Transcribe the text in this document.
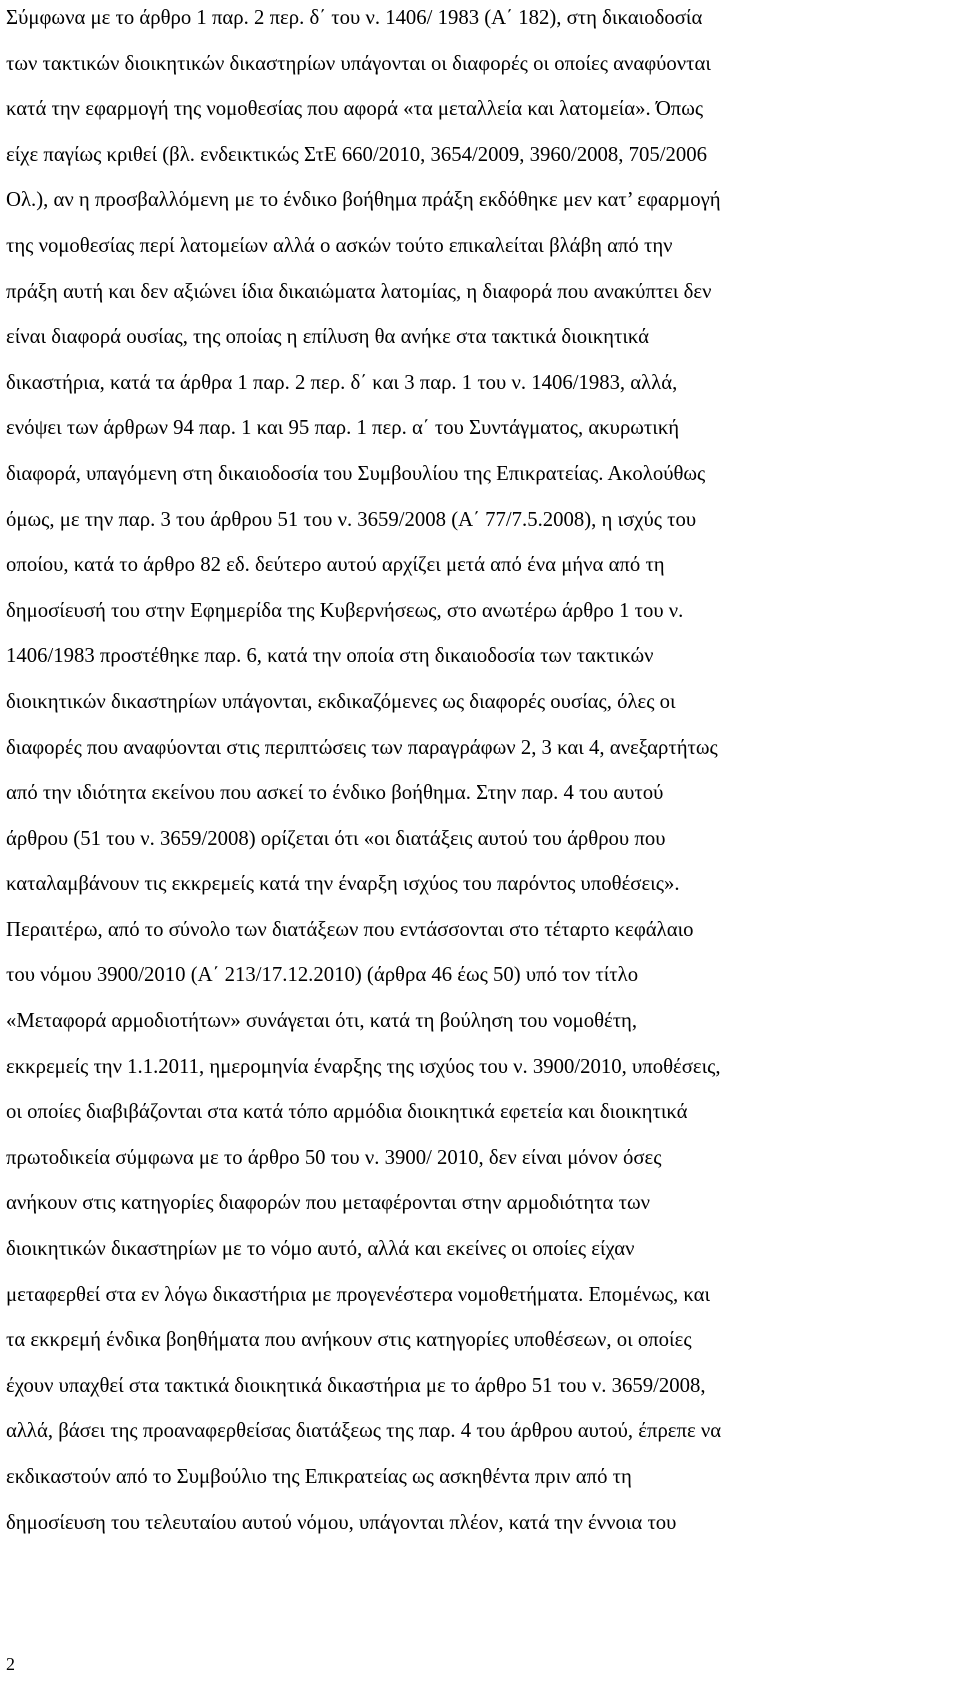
Σύμφωνα με το άρθρο 1 παρ. 2 περ. δ΄ του ν. 1406/ 1983 (Α΄ 182), στη δικαιοδοσία
των τακτικών διοικητικών δικαστηρίων υπάγονται οι διαφορές οι οποίες αναφύονται
κατά την εφαρμογή της νομοθεσίας που αφορά «τα μεταλλεία και λατομεία». Όπως
είχε παγίως κριθεί (βλ. ενδεικτικώς ΣτΕ 660/2010, 3654/2009, 3960/2008, 705/2006
Ολ.), αν η προσβαλλόμενη με το ένδικο βοήθημα πράξη εκδόθηκε μεν κατ’ εφαρμογή
της νομοθεσίας περί λατομείων αλλά ο ασκών τούτο επικαλείται βλάβη από την
πράξη αυτή και δεν αξιώνει ίδια δικαιώματα λατομίας, η διαφορά που ανακύπτει δεν
είναι διαφορά ουσίας, της οποίας η επίλυση θα ανήκε στα τακτικά διοικητικά
δικαστήρια, κατά τα άρθρα 1 παρ. 2 περ. δ΄ και 3 παρ. 1 του ν. 1406/1983, αλλά,
ενόψει των άρθρων 94 παρ. 1 και 95 παρ. 1 περ. α΄ του Συντάγματος, ακυρωτική
διαφορά, υπαγόμενη στη δικαιοδοσία του Συμβουλίου της Επικρατείας. Ακολούθως
όμως, με την παρ. 3 του άρθρου 51 του ν. 3659/2008 (Α΄ 77/7.5.2008), η ισχύς του
οποίου, κατά το άρθρο 82 εδ. δεύτερο αυτού αρχίζει μετά από ένα μήνα από τη
δημοσίευσή του στην Εφημερίδα της Κυβερνήσεως, στο ανωτέρω άρθρο 1 του ν.
1406/1983 προστέθηκε παρ. 6, κατά την οποία στη δικαιοδοσία των τακτικών
διοικητικών δικαστηρίων υπάγονται, εκδικαζόμενες ως διαφορές ουσίας, όλες οι
διαφορές που αναφύονται στις περιπτώσεις των παραγράφων 2, 3 και 4, ανεξαρτήτως
από την ιδιότητα εκείνου που ασκεί το ένδικο βοήθημα. Στην παρ. 4 του αυτού
άρθρου (51 του ν. 3659/2008) ορίζεται ότι «οι διατάξεις αυτού του άρθρου που
καταλαμβάνουν τις εκκρεμείς κατά την έναρξη ισχύος του παρόντος υποθέσεις».
Περαιτέρω, από το σύνολο των διατάξεων που εντάσσονται στο τέταρτο κεφάλαιο
του νόμου 3900/2010 (Α΄ 213/17.12.2010) (άρθρα 46 έως 50) υπό τον τίτλο
«Μεταφορά αρμοδιοτήτων» συνάγεται ότι, κατά τη βούληση του νομοθέτη,
εκκρεμείς την 1.1.2011, ημερομηνία έναρξης της ισχύος του ν. 3900/2010, υποθέσεις,
οι οποίες διαβιβάζονται στα κατά τόπο αρμόδια διοικητικά εφετεία και διοικητικά
πρωτοδικεία σύμφωνα με το άρθρο 50 του ν. 3900/ 2010, δεν είναι μόνον όσες
ανήκουν στις κατηγορίες διαφορών που μεταφέρονται στην αρμοδιότητα των
διοικητικών δικαστηρίων με το νόμο αυτό, αλλά και εκείνες οι οποίες είχαν
μεταφερθεί στα εν λόγω δικαστήρια με προγενέστερα νομοθετήματα. Επομένως, και
τα εκκρεμή ένδικα βοηθήματα που ανήκουν στις κατηγορίες υποθέσεων, οι οποίες
έχουν υπαχθεί στα τακτικά διοικητικά δικαστήρια με το άρθρο 51 του ν. 3659/2008,
αλλά, βάσει της προαναφερθείσας διατάξεως της παρ. 4 του άρθρου αυτού, έπρεπε να
εκδικαστούν από το Συμβούλιο της Επικρατείας ως ασκηθέντα πριν από τη
δημοσίευση του τελευταίου αυτού νόμου, υπάγονται πλέον, κατά την έννοια του
2
